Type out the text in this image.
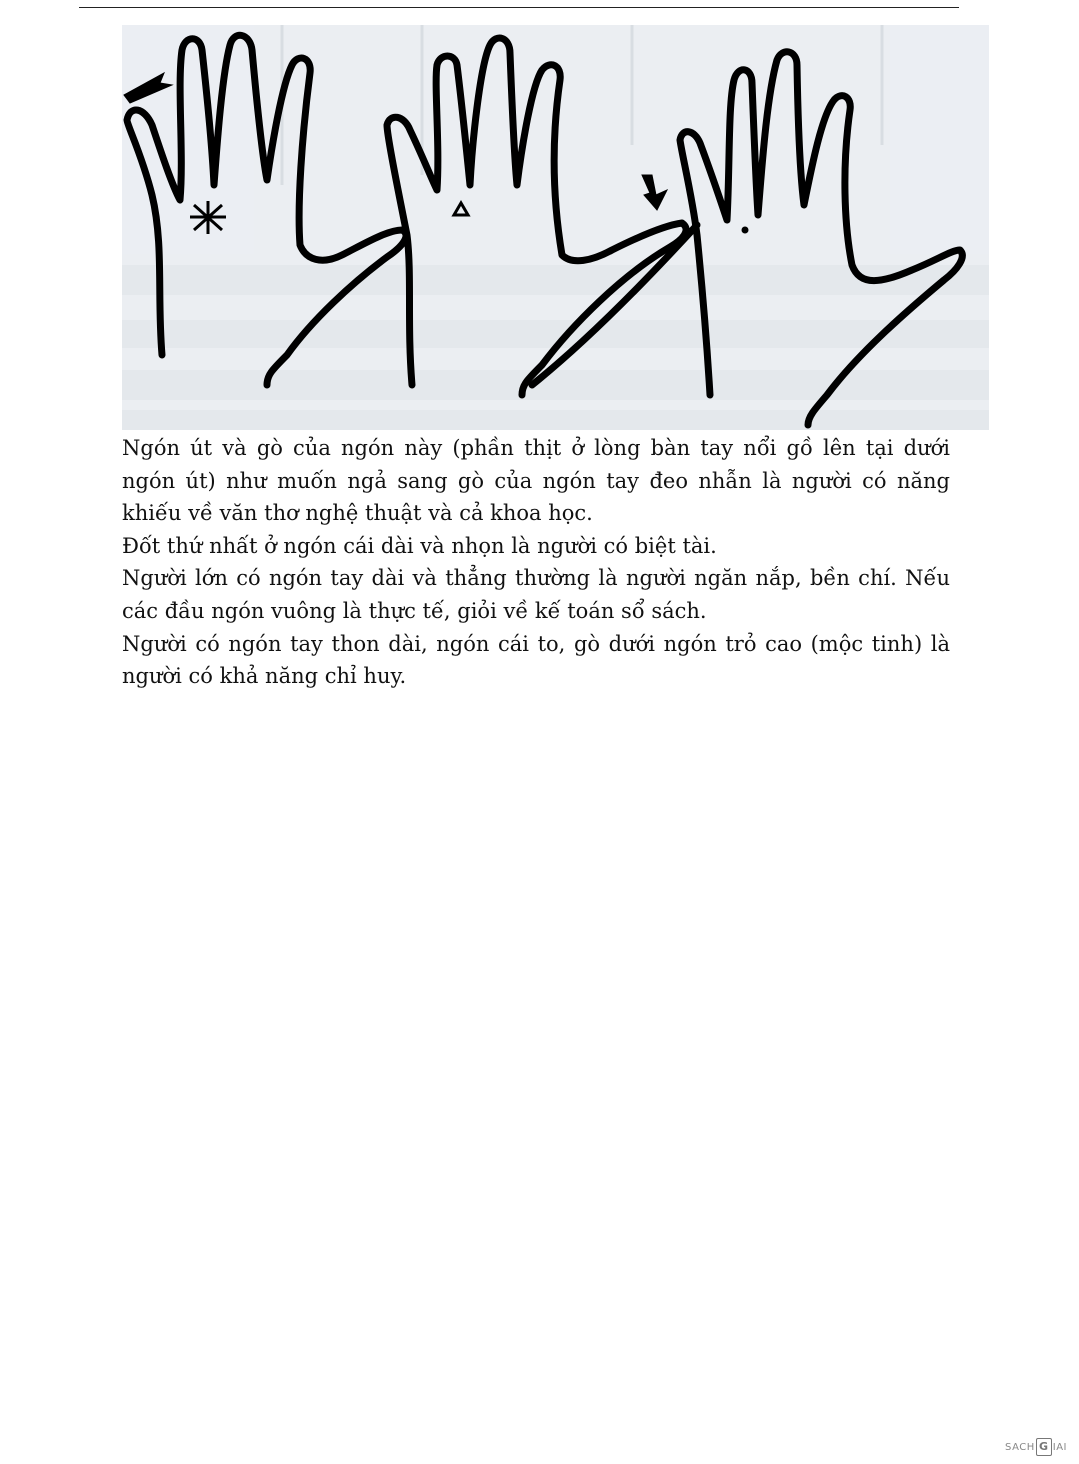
Ngón út và gò của ngón này (phần thịt ở lòng bàn tay nổi gồ lên tại dưới ngón út) như muốn ngả sang gò của ngón tay đeo nhẫn là người có năng khiếu về văn thơ nghệ thuật và cả khoa học.

Đốt thứ nhất ở ngón cái dài và nhọn là người có biệt tài.

Người lớn có ngón tay dài và thẳng thường là người ngăn nắp, bền chí. Nếu các đầu ngón vuông là thực tế, giỏi về kế toán sổ sách.

Người có ngón tay thon dài, ngón cái to, gò dưới ngón trỏ cao (mộc tinh) là người có khả năng chỉ huy.

SACH G IAI
